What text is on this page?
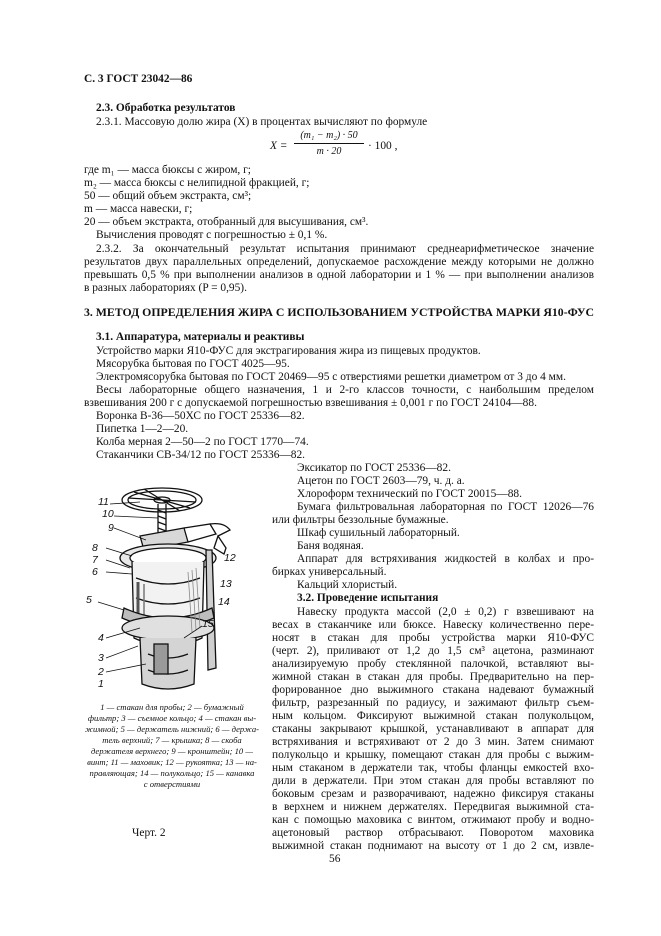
С. 3 ГОСТ 23042—86
2.3. Обработка результатов
2.3.1. Массовую долю жира (X) в процентах вычисляют по формуле
X =
(m₁ − m₂) · 50
m · 20	· 100 ,
где m₁ — масса бюксы с жиром, г;
m₂ — масса бюксы с нелипидной фракцией, г;
50 — общий объем экстракта, см³;
m — масса навески, г;
20 — объем экстракта, отобранный для высушивания, см³.
Вычисления проводят с погрешностью ± 0,1 %.
2.3.2. За окончательный результат испытания принимают среднеарифметическое значение
результатов двух параллельных определений, допускаемое расхождение между которыми не должно
превышать 0,5 % при выполнении анализов в одной лаборатории и 1 % — при выполнении анализов
в разных лабораториях (P = 0,95).
3. МЕТОД ОПРЕДЕЛЕНИЯ ЖИРА С ИСПОЛЬЗОВАНИЕМ УСТРОЙСТВА МАРКИ Я10-ФУС
3.1. Аппаратура, материалы и реактивы
Устройство марки Я10-ФУС для экстрагирования жира из пищевых продуктов.
Мясорубка бытовая по ГОСТ 4025—95.
Электромясорубка бытовая по ГОСТ 20469—95 с отверстиями решетки диаметром от 3 до 4 мм.
Весы лабораторные общего назначения, 1 и 2-го классов точности, с наибольшим пределом
взвешивания 200 г с допускаемой погрешностью взвешивания ± 0,001 г по ГОСТ 24104—88.
Воронка В-36—50ХС по ГОСТ 25336—82.
Пипетка 1—2—20.
Колба мерная 2—50—2 по ГОСТ 1770—74.
Стаканчики СВ-34/12 по ГОСТ 25336—82.
Эксикатор по ГОСТ 25336—82.
Ацетон по ГОСТ 2603—79, ч. д. а.
Хлороформ технический по ГОСТ 20015—88.
Бумага фильтровальная лабораторная по ГОСТ 12026—76
или фильтры беззольные бумажные.
Шкаф сушильный лабораторный.
Баня водяная.
Аппарат для встряхивания жидкостей в колбах и про-
бирках универсальный.
Кальций хлористый.
3.2. Проведение испытания
Навеску продукта массой (2,0 ± 0,2) г взвешивают на
весах в стаканчике или бюксе. Навеску количественно пере-
носят в стакан для пробы устройства марки Я10-ФУС
(черт. 2), приливают от 1,2 до 1,5 см³ ацетона, разминают
анализируемую пробу стеклянной палочкой, вставляют вы-
жимной стакан в стакан для пробы. Предварительно на пер-
форированное дно выжимного стакана надевают бумажный
фильтр, разрезанный по радиусу, и зажимают фильтр съем-
ным кольцом. Фиксируют выжимной стакан полукольцом,
стаканы закрывают крышкой, устанавливают в аппарат для
встряхивания и встряхивают от 2 до 3 мин. Затем снимают
полукольцо и крышку, помещают стакан для пробы с выжим-
ным стаканом в держатели так, чтобы фланцы емкостей вхо-
дили в держатели. При этом стакан для пробы вставляют по
боковым срезам и разворачивают, надежно фиксируя стаканы
в верхнем и нижнем держателях. Передвигая выжимной ста-
кан с помощью маховика с винтом, отжимают пробу и водно-
ацетоновый раствор отбрасывают. Поворотом маховика
выжимной стакан поднимают на высоту от 1 до 2 см, извле-
11
10
9
8
7
6
5
4
3
2
1
12
13
14
15
1 — стакан для пробы; 2 — бумажный
фильтр; 3 — съемное кольцо; 4 — стакан вы-
жимной; 5 — держатель нижний; 6 — держа-
тель верхний; 7 — крышка; 8 — скоба
держателя верхнего; 9 — кронштейн; 10 —
винт; 11 — маховик; 12 — рукоятка; 13 — на-
правляющая; 14 — полукольцо; 15 — канавка
с отверстиями
Черт. 2
56
